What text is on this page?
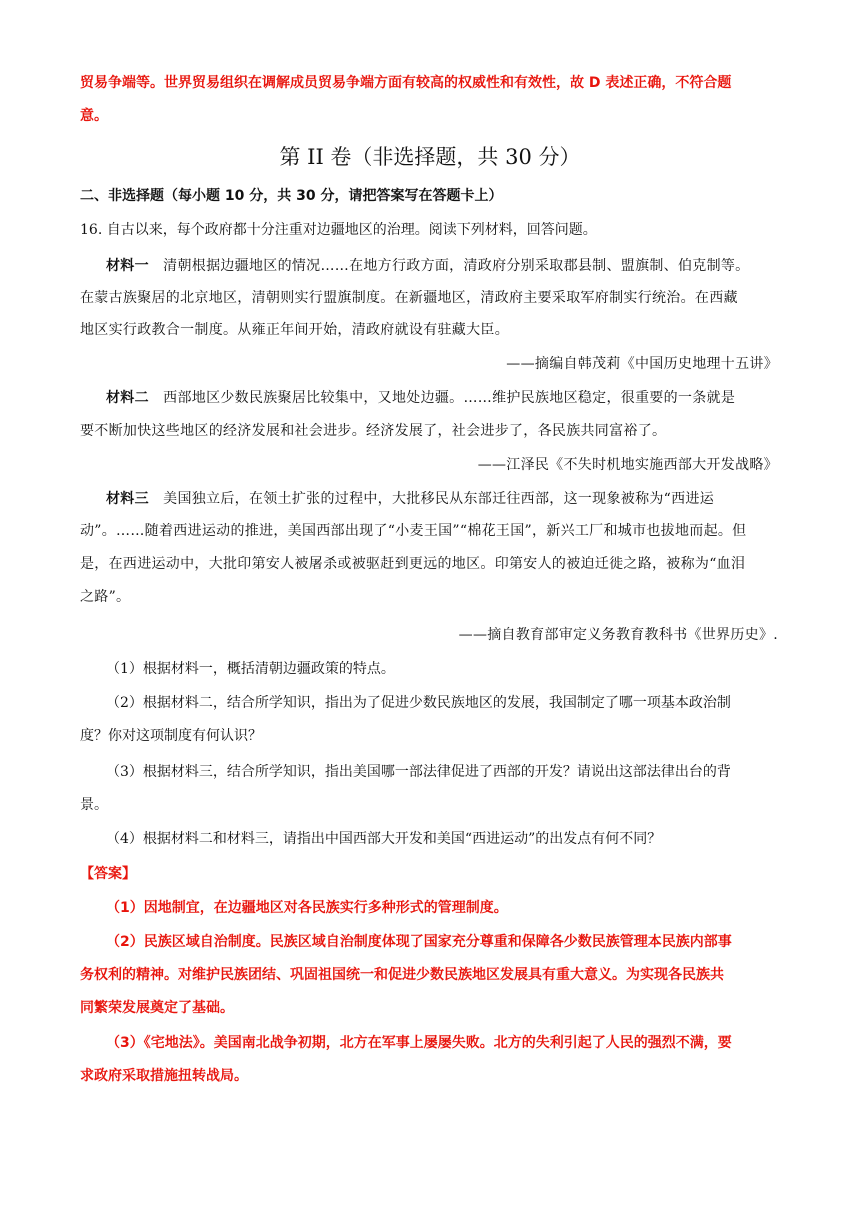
贸易争端等。世界贸易组织在调解成员贸易争端方面有较高的权威性和有效性，故 D 表述正确，不符合题
意。
第 II 卷（非选择题，共 30 分）
二、非选择题（每小题 10 分，共 30 分，请把答案写在答题卡上）
16. 自古以来，每个政府都十分注重对边疆地区的治理。阅读下列材料，回答问题。
材料一 清朝根据边疆地区的情况……在地方行政方面，清政府分别采取郡县制、盟旗制、伯克制等。
在蒙古族聚居的北京地区，清朝则实行盟旗制度。在新疆地区，清政府主要采取军府制实行统治。在西藏
地区实行政教合一制度。从雍正年间开始，清政府就设有驻藏大臣。
——摘编自韩茂莉《中国历史地理十五讲》
材料二 西部地区少数民族聚居比较集中，又地处边疆。……维护民族地区稳定，很重要的一条就是
要不断加快这些地区的经济发展和社会进步。经济发展了，社会进步了，各民族共同富裕了。
——江泽民《不失时机地实施西部大开发战略》
材料三 美国独立后，在领土扩张的过程中，大批移民从东部迁往西部，这一现象被称为“西进运
动”。……随着西进运动的推进，美国西部出现了“小麦王国”“棉花王国”，新兴工厂和城市也拔地而起。但
是，在西进运动中，大批印第安人被屠杀或被驱赶到更远的地区。印第安人的被迫迁徙之路，被称为“血泪
之路”。
——摘自教育部审定义务教育教科书《世界历史》.
（1）根据材料一，概括清朝边疆政策的特点。
（2）根据材料二，结合所学知识，指出为了促进少数民族地区的发展，我国制定了哪一项基本政治制
度？你对这项制度有何认识？
（3）根据材料三，结合所学知识，指出美国哪一部法律促进了西部的开发？请说出这部法律出台的背
景。
（4）根据材料二和材料三，请指出中国西部大开发和美国“西进运动”的出发点有何不同？
【答案】
（1）因地制宜，在边疆地区对各民族实行多种形式的管理制度。
（2）民族区域自治制度。民族区域自治制度体现了国家充分尊重和保障各少数民族管理本民族内部事
务权利的精神。对维护民族团结、巩固祖国统一和促进少数民族地区发展具有重大意义。为实现各民族共
同繁荣发展奠定了基础。
（3）《宅地法》。美国南北战争初期，北方在军事上屡屡失败。北方的失利引起了人民的强烈不满，要
求政府采取措施扭转战局。
